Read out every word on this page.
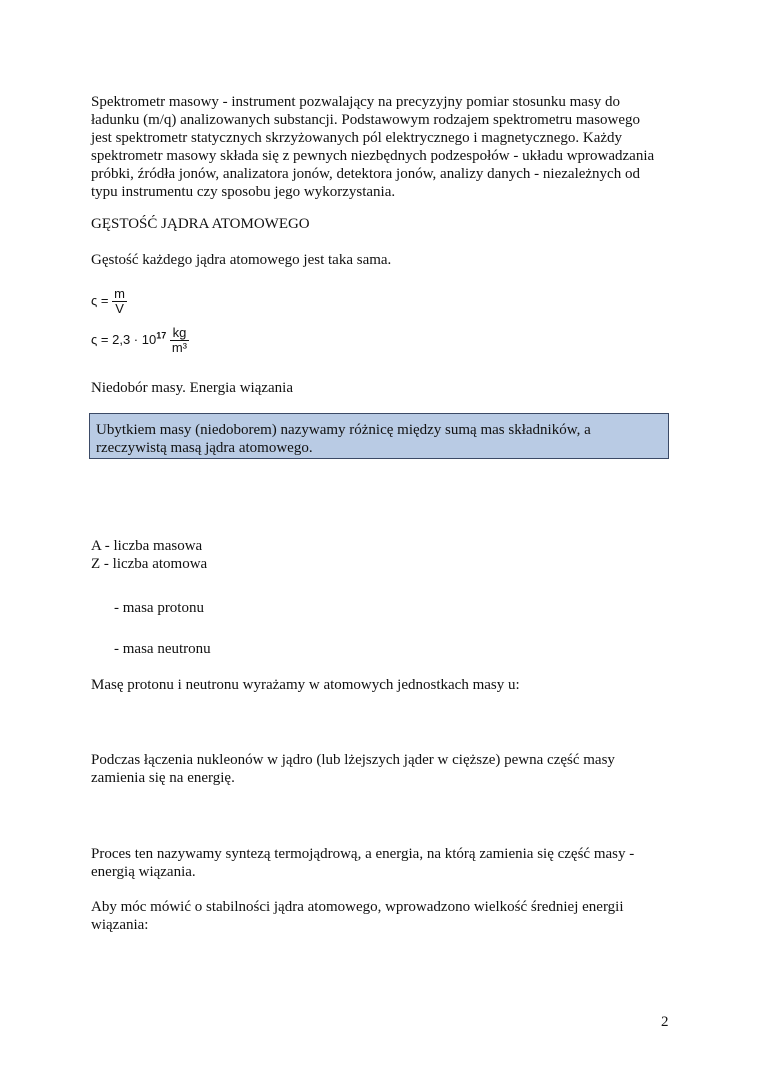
Spektrometr masowy - instrument pozwalający na precyzyjny pomiar stosunku masy do
ładunku (m/q) analizowanych substancji. Podstawowym rodzajem spektrometru masowego
jest spektrometr statycznych skrzyżowanych pól elektrycznego i magnetycznego. Każdy
spektrometr masowy składa się z pewnych niezbędnych podzespołów - układu wprowadzania
próbki, źródła jonów, analizatora jonów, detektora jonów, analizy danych - niezależnych od
typu instrumentu czy sposobu jego wykorzystania.

GĘSTOŚĆ JĄDRA ATOMOWEGO

Gęstość każdego jądra atomowego jest taka sama.

$\varsigma = \frac{m}{V}$
$\varsigma = 2,3 \cdot 10^{17} \frac{kg}{\text{m³}}$

Niedobór masy. Energia wiązania

Ubytkiem masy (niedoborem) nazywamy różnicę między sumą mas składników, a
rzeczywistą masą jądra atomowego.

A - liczba masowa

Z - liczba atomowa

- masa protonu

- masa neutronu

Masę protonu i neutronu wyrażamy w atomowych jednostkach masy u:

Podczas łączenia nukleonów w jądro (lub lżejszych jąder w cięższe) pewna część masy
zamienia się na energię.

Proces ten nazywamy syntezą termojądrową, a energia, na którą zamienia się część masy -
energią wiązania.

Aby móc mówić o stabilności jądra atomowego, wprowadzono wielkość średniej energii
wiązania:

2
